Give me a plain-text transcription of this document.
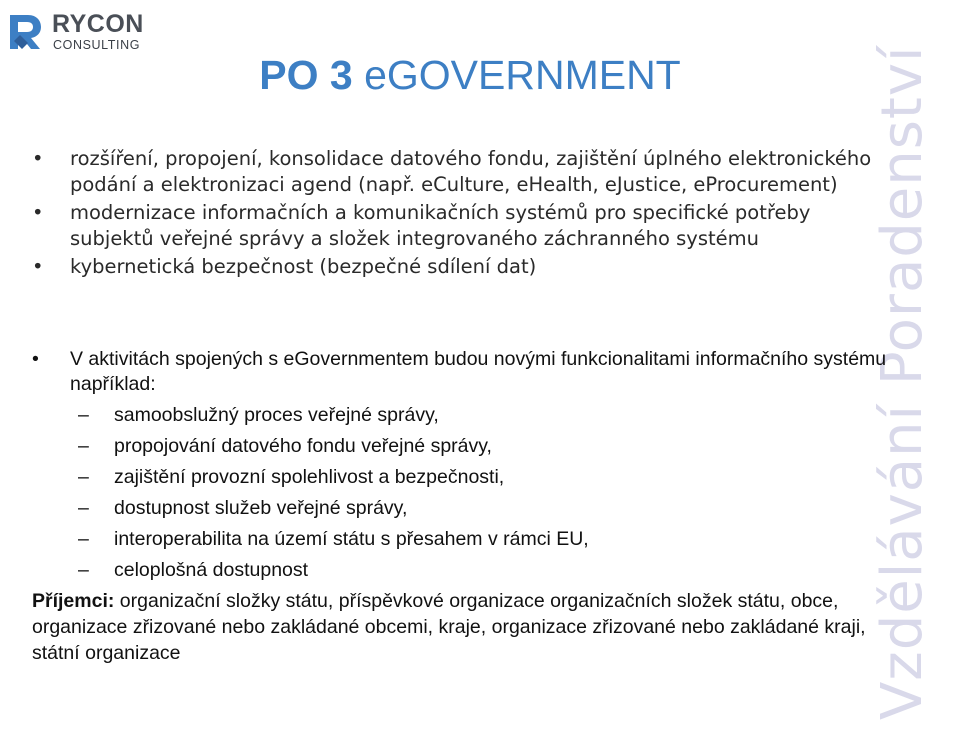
RYCON
CONSULTING
PO 3 eGOVERNMENT	Vzdělávání Poradenství
• rozšíření, propojení, konsolidace datového fondu, zajištění úplného elektronického podání a elektronizaci agend (např. eCulture, eHealth, eJustice, eProcurement)
• modernizace informačních a komunikačních systémů pro specifické potřeby subjektů veřejné správy a složek integrovaného záchranného systému
• kybernetická bezpečnost (bezpečné sdílení dat)

• V aktivitách spojených s eGovernmentem budou novými funkcionalitami informačního systému například:

– samoobslužný proces veřejné správy,
– propojování datového fondu veřejné správy,
– zajištění provozní spolehlivost a bezpečnosti,
– dostupnost služeb veřejné správy,
– interoperabilita na území státu s přesahem v rámci EU,
– celoplošná dostupnost

Příjemci: organizační složky státu, příspěvkové organizace organizačních složek státu, obce, organizace zřizované nebo zakládané obcemi, kraje, organizace zřizované nebo zakládané kraji, státní organizace
